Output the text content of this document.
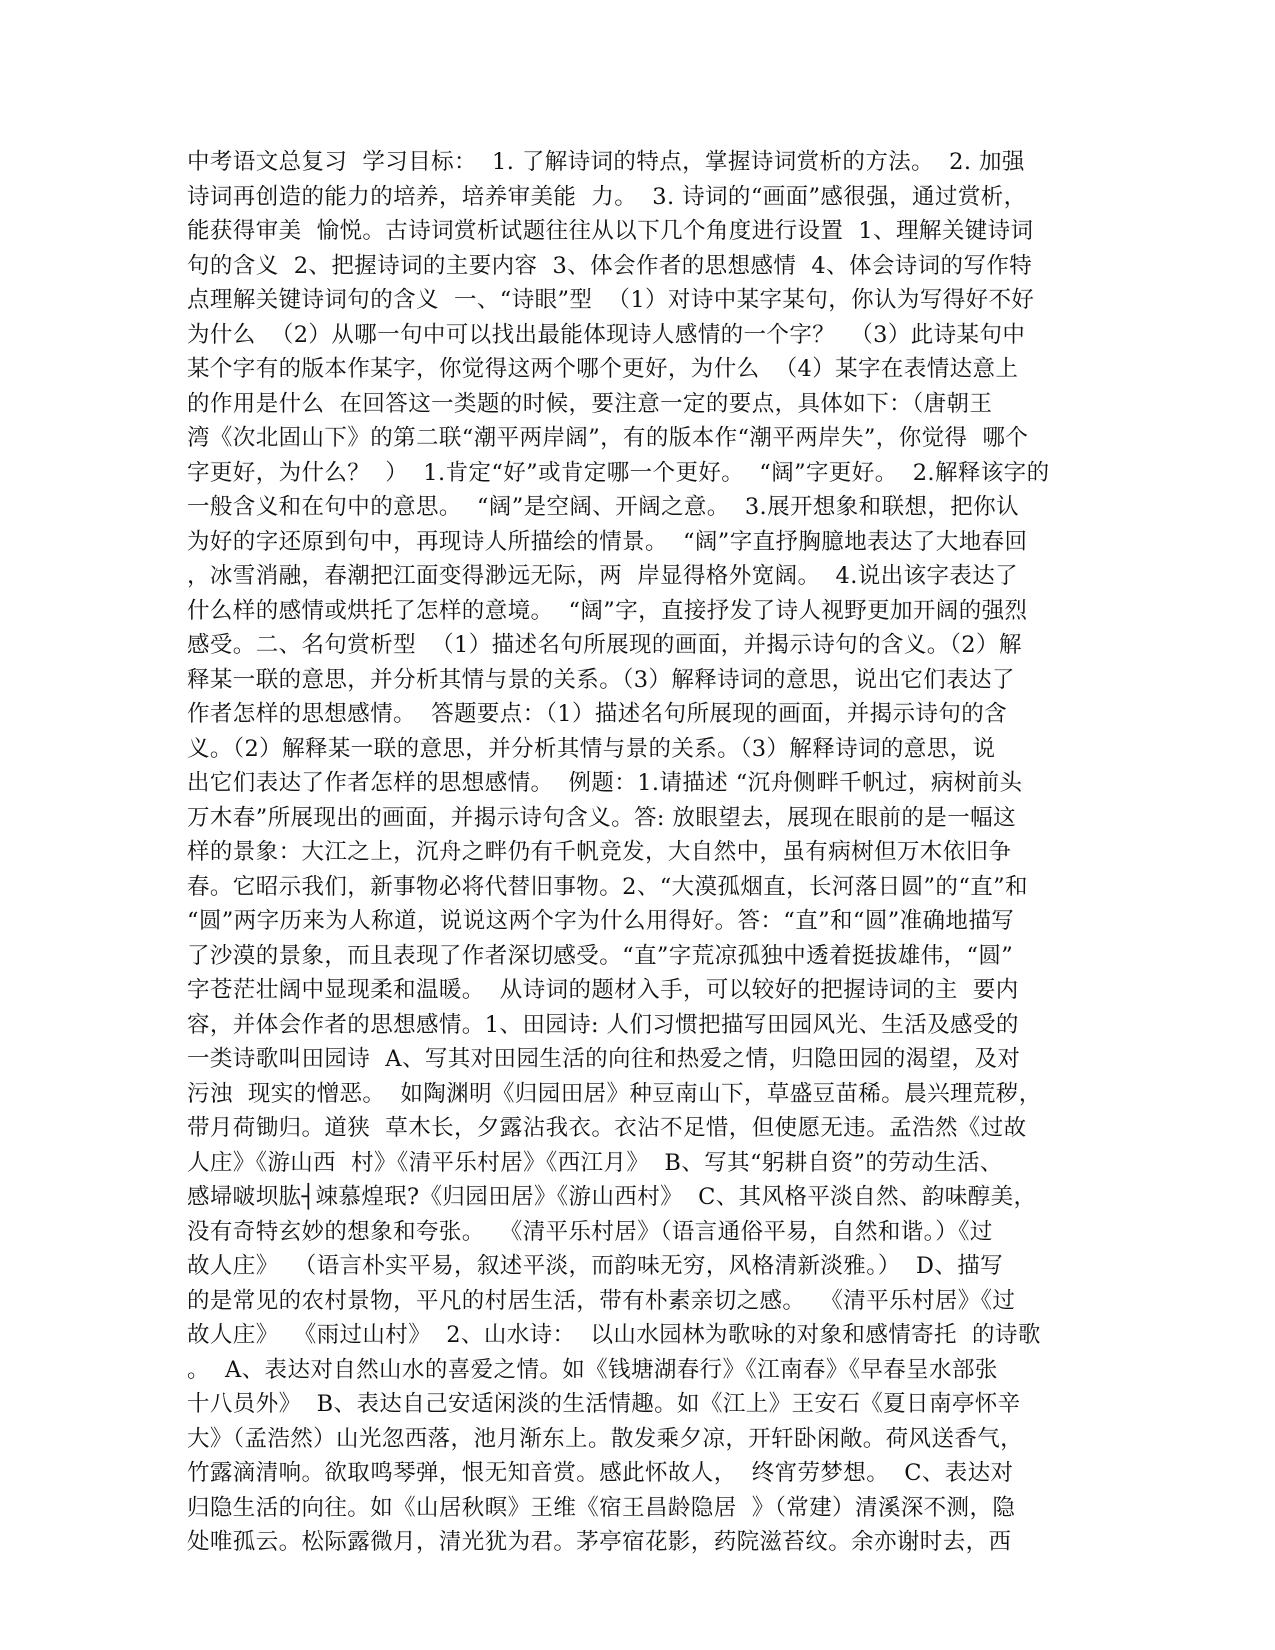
中考语文总复习  学习目标：  1. 了解诗词的特点，掌握诗词赏析的方法。  2. 加强
诗词再创造的能力的培养，培养审美能  力。  3. 诗词的“画面”感很强，通过赏析，
能获得审美  愉悦。古诗词赏析试题往往从以下几个角度进行设置  1、理解关键诗词
句的含义  2、把握诗词的主要内容  3、体会作者的思想感情  4、体会诗词的写作特
点理解关键诗词句的含义  一、“诗眼”型  （1）对诗中某字某句，你认为写得好不好
为什么  （2）从哪一句中可以找出最能体现诗人感情的一个字？  （3）此诗某句中
某个字有的版本作某字，你觉得这两个哪个更好，为什么  （4）某字在表情达意上
的作用是什么  在回答这一类题的时候，要注意一定的要点，具体如下：（唐朝王
湾《次北固山下》的第二联“潮平两岸阔”，有的版本作“潮平两岸失”，你觉得  哪个
字更好，为什么？  ）  1.肯定“好”或肯定哪一个更好。  “阔”字更好。  2.解释该字的
一般含义和在句中的意思。  “阔”是空阔、开阔之意。  3.展开想象和联想，把你认
为好的字还原到句中，再现诗人所描绘的情景。  “阔”字直抒胸臆地表达了大地春回
，冰雪消融，春潮把江面变得渺远无际，两  岸显得格外宽阔。  4.说出该字表达了
什么样的感情或烘托了怎样的意境。  “阔”字，直接抒发了诗人视野更加开阔的强烈
感受。二、名句赏析型  （1）描述名句所展现的画面，并揭示诗句的含义。（2）解
释某一联的意思，并分析其情与景的关系。（3）解释诗词的意思，说出它们表达了
作者怎样的思想感情。  答题要点：（1）描述名句所展现的画面，并揭示诗句的含
义。（2）解释某一联的意思，并分析其情与景的关系。（3）解释诗词的意思，说
出它们表达了作者怎样的思想感情。  例题：1.请描述 “沉舟侧畔千帆过，病树前头
万木春”所展现出的画面，并揭示诗句含义。答: 放眼望去，展现在眼前的是一幅这
样的景象：大江之上，沉舟之畔仍有千帆竞发，大自然中，虽有病树但万木依旧争
春。它昭示我们，新事物必将代替旧事物。2、“大漠孤烟直，长河落日圆”的“直”和
“圆”两字历来为人称道，说说这两个字为什么用得好。答：“直”和“圆”准确地描写
了沙漠的景象，而且表现了作者深切感受。“直”字荒凉孤独中透着挺拔雄伟，“圆”
字苍茫壮阔中显现柔和温暖。  从诗词的题材入手，可以较好的把握诗词的主  要内
容，并体会作者的思想感情。1、田园诗: 人们习惯把描写田园风光、生活及感受的
一类诗歌叫田园诗  A、写其对田园生活的向往和热爱之情，归隐田园的渴望，及对
污浊  现实的憎恶。  如陶渊明《归园田居》种豆南山下，草盛豆苗稀。晨兴理荒秽，
带月荷锄归。道狭  草木长，夕露沾我衣。衣沾不足惜，但使愿无违。孟浩然《过故
人庄》《游山西  村》《清平乐村居》《西江月》  B、写其“躬耕自资”的劳动生活、
感埽啵坝肱┤竦慕煌珉?《归园田居》《游山西村》  C、其风格平淡自然、韵味醇美，
没有奇特玄妙的想象和夸张。  《清平乐村居》（语言通俗平易，自然和谐。）《过
故人庄》  （语言朴实平易，叙述平淡，而韵味无穷，风格清新淡雅。）  D、描写
的是常见的农村景物，平凡的村居生活，带有朴素亲切之感。  《清平乐村居》《过
故人庄》  《雨过山村》  2、山水诗：  以山水园林为歌咏的对象和感情寄托  的诗歌
。  A、表达对自然山水的喜爱之情。如《钱塘湖春行》《江南春》《早春呈水部张
十八员外》  B、表达自己安适闲淡的生活情趣。如《江上》王安石《夏日南亭怀辛
大》（孟浩然）山光忽西落，池月渐东上。散发乘夕凉，开轩卧闲敞。荷风送香气，
竹露滴清响。欲取鸣琴弹，恨无知音赏。感此怀故人，  终宵劳梦想。  C、表达对
归隐生活的向往。如《山居秋暝》王维《宿王昌龄隐居  》（常建）清溪深不测，隐
处唯孤云。松际露微月，清光犹为君。茅亭宿花影，药院滋苔纹。余亦谢时去，西
